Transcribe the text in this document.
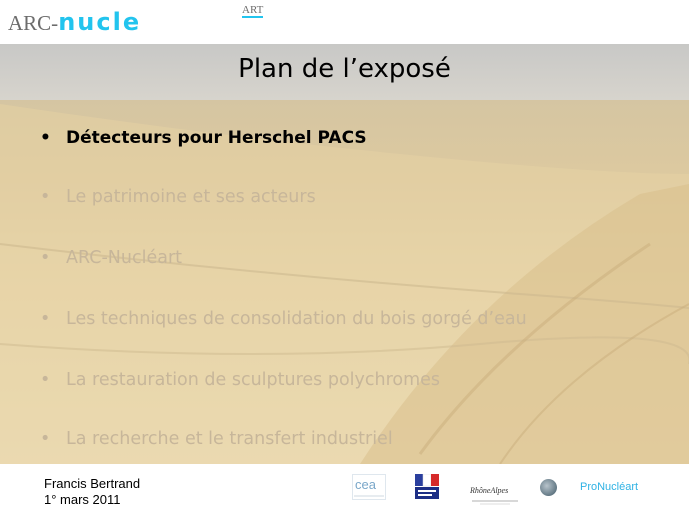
ARC-nucle	ART
Plan de l’exposé
• Détecteurs pour Herschel PACS
• Le patrimoine et ses acteurs
• ARC-Nucléart
• Les techniques de consolidation du bois gorgé d’eau
• La restauration de sculptures polychromes
• La recherche et le transfert industriel
Francis Bertrand
1° mars 2011
cea	RhôneAlpes	ProNucléart
